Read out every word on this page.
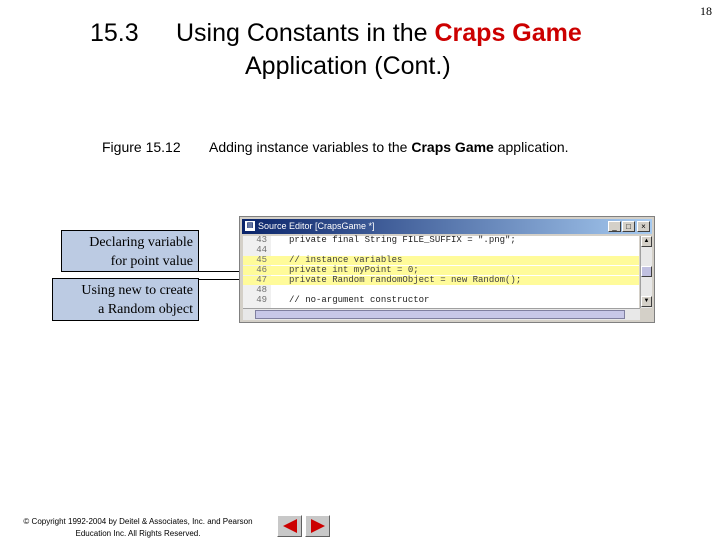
18
15.3 Using Constants in the Craps Game
Application (Cont.)
Figure 15.12 Adding instance variables to the Craps Game application.
Declaring variable
for point value
Using new to create
a Random object
▤ Source Editor [CrapsGame *]	_	□	×
43 private final String FILE_SUFFIX = ".png";
44
45 // instance variables
46 private int myPoint = 0;
47 private Random randomObject = new Random();
48
49 // no-argument constructor
▲
▼
© Copyright 1992-2004 by Deitel & Associates, Inc. and Pearson
Education Inc. All Rights Reserved.
